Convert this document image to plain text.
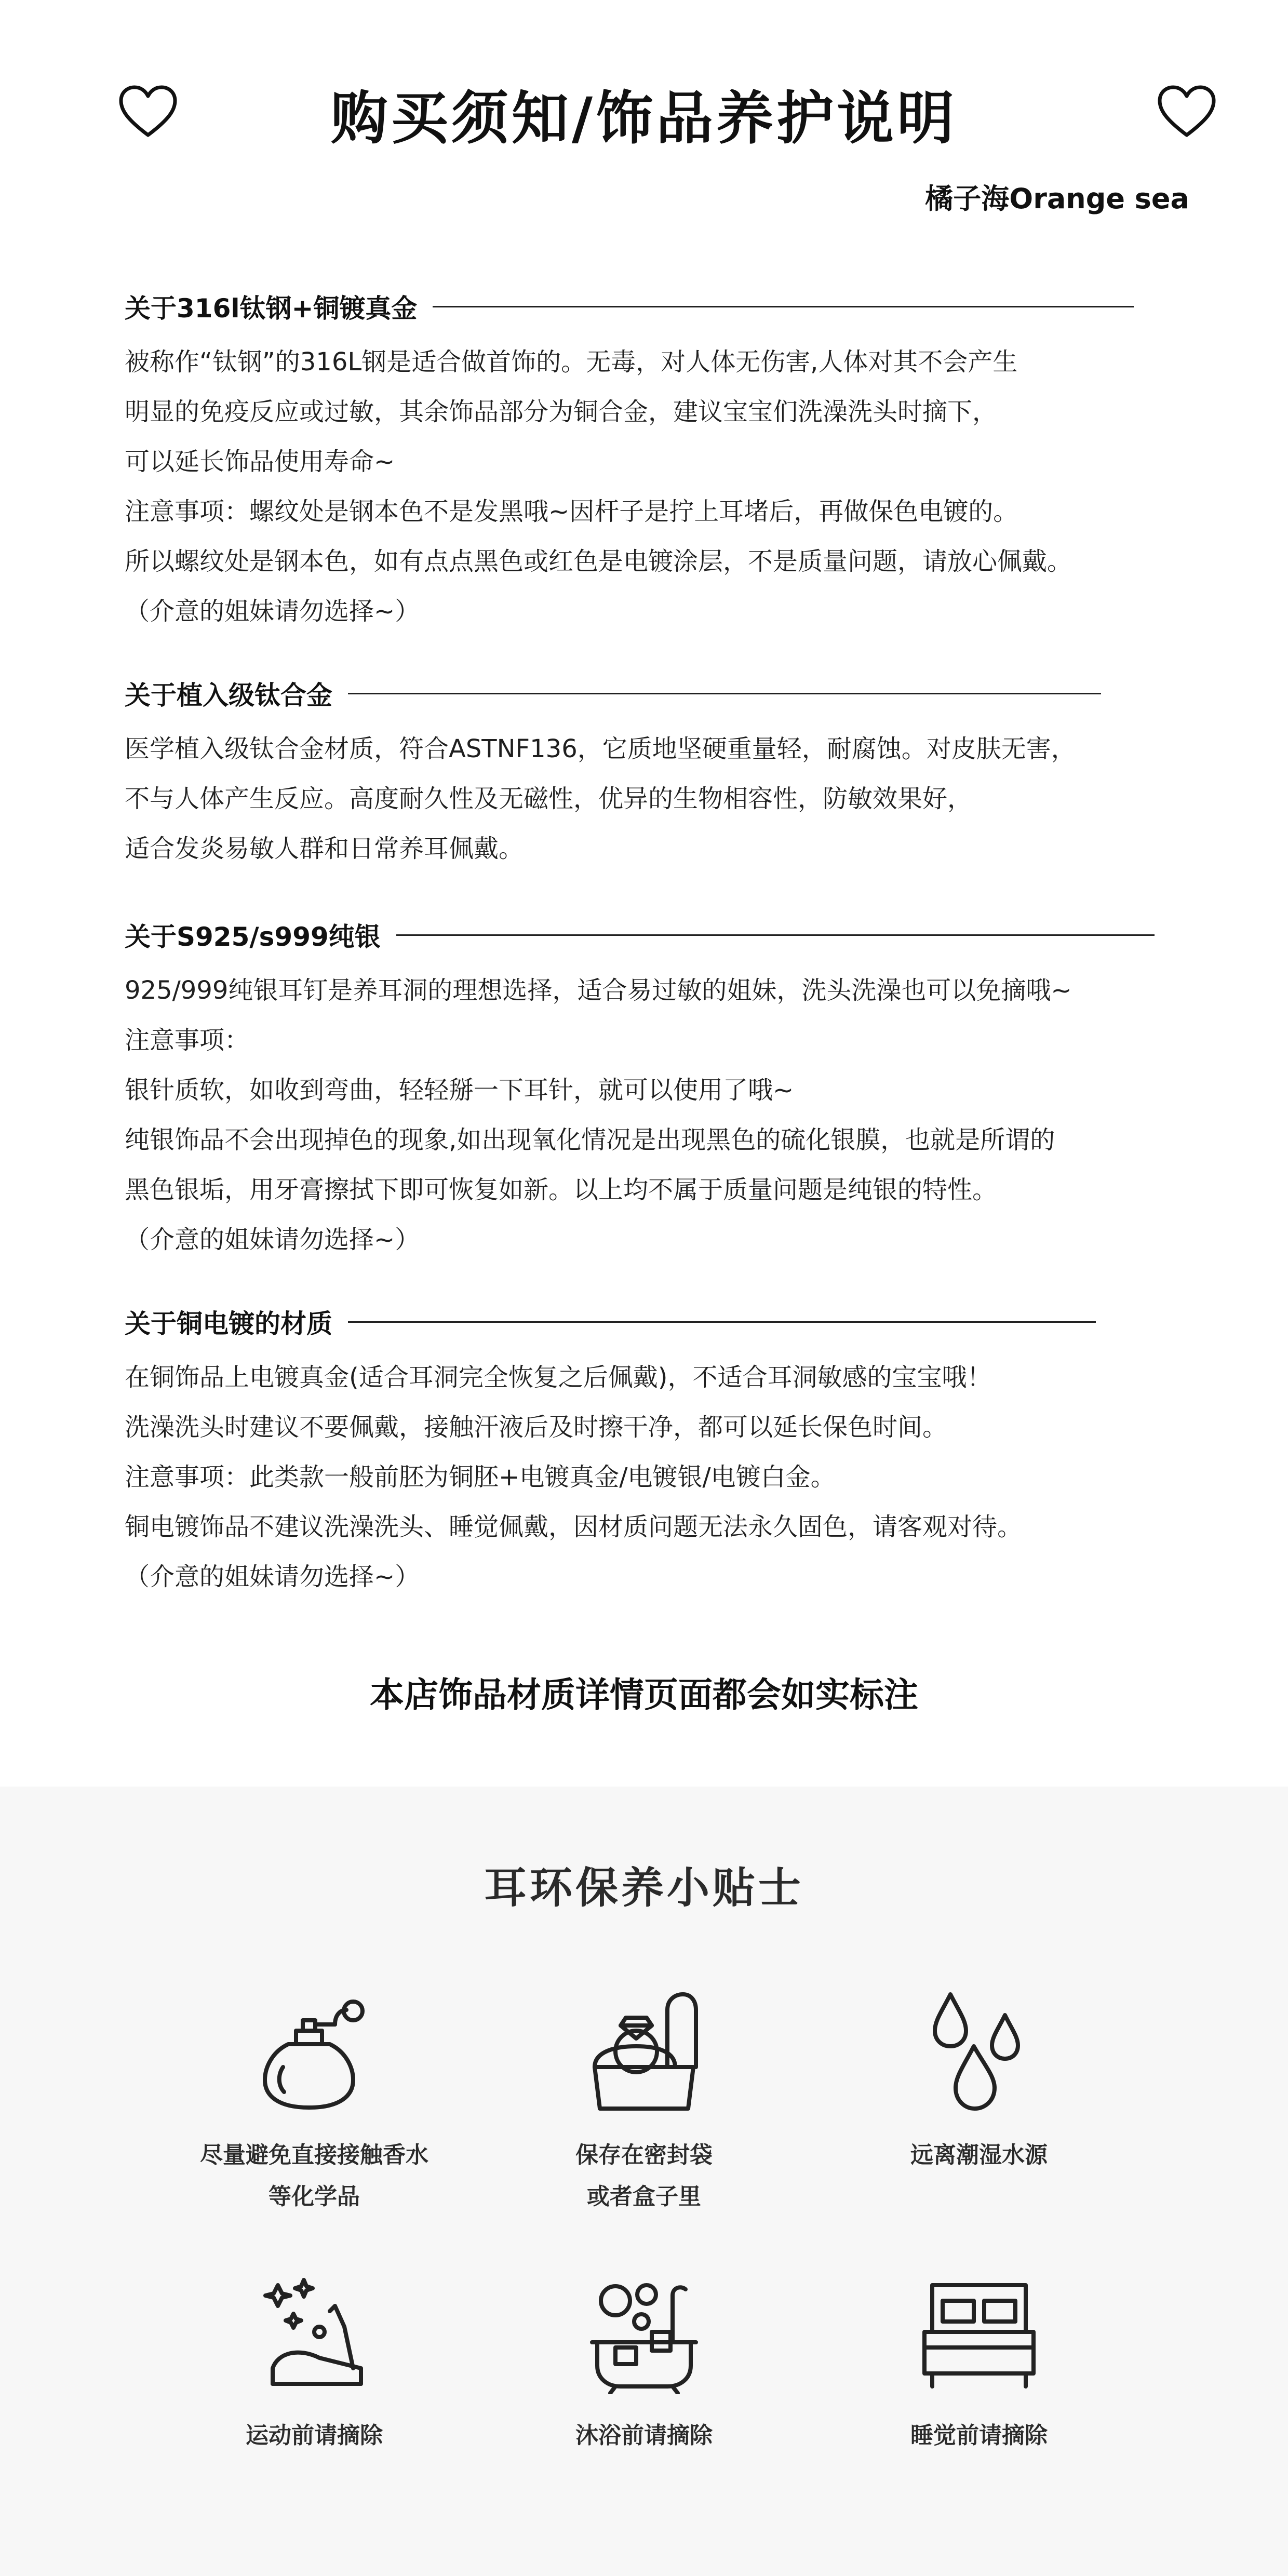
购买须知/饰品养护说明
橘子海Orange sea
关于316l钛钢+铜镀真金
被称作“钛钢”的316L钢是适合做首饰的。无毒，对人体无伤害,人体对其不会产生
明显的免疫反应或过敏，其余饰品部分为铜合金，建议宝宝们洗澡洗头时摘下，
可以延长饰品使用寿命~
注意事项：螺纹处是钢本色不是发黑哦~因杆子是拧上耳堵后，再做保色电镀的。
所以螺纹处是钢本色，如有点点黑色或红色是电镀涂层，不是质量问题，请放心佩戴。
（介意的姐妹请勿选择~）
关于植入级钛合金
医学植入级钛合金材质，符合ASTNF136，它质地坚硬重量轻，耐腐蚀。对皮肤无害，
不与人体产生反应。高度耐久性及无磁性，优异的生物相容性，防敏效果好，
适合发炎易敏人群和日常养耳佩戴。
关于S925/s999纯银
925/999纯银耳钉是养耳洞的理想选择，适合易过敏的姐妹，洗头洗澡也可以免摘哦~
注意事项：
银针质软，如收到弯曲，轻轻掰一下耳针，就可以使用了哦~
纯银饰品不会出现掉色的现象,如出现氧化情况是出现黑色的硫化银膜，也就是所谓的
黑色银垢，用牙膏擦拭下即可恢复如新。以上均不属于质量问题是纯银的特性。
（介意的姐妹请勿选择~）
关于铜电镀的材质
在铜饰品上电镀真金(适合耳洞完全恢复之后佩戴)，不适合耳洞敏感的宝宝哦！
洗澡洗头时建议不要佩戴，接触汗液后及时擦干净，都可以延长保色时间。
注意事项：此类款一般前胚为铜胚+电镀真金/电镀银/电镀白金。
铜电镀饰品不建议洗澡洗头、睡觉佩戴，因材质问题无法永久固色，请客观对待。
（介意的姐妹请勿选择~）
本店饰品材质详情页面都会如实标注
耳环保养小贴士
尽量避免直接接触香水
等化学品
保存在密封袋
或者盒子里
远离潮湿水源
运动前请摘除	沐浴前请摘除	睡觉前请摘除
